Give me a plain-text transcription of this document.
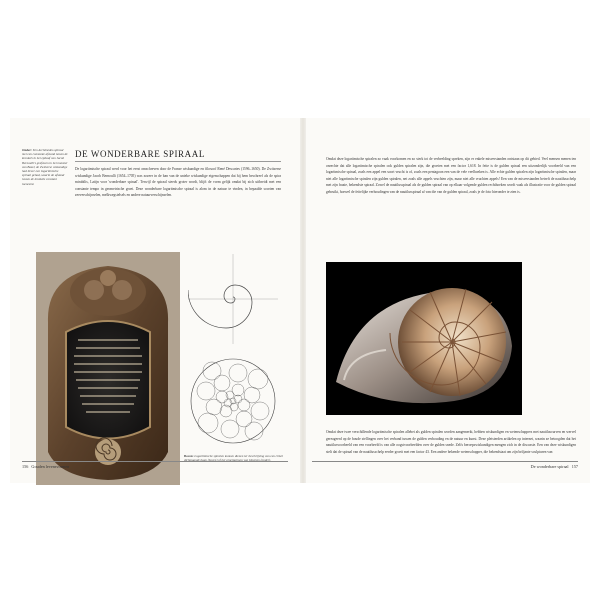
Onder: Een Archimedes-spiraal met een constante afstand tussen de kronkels in het epitaaf van Jacob Bernoulli's grafsteen in het munster van Bazel, de Zwitserse wiskundige had liever een logaritmische spiraal gehad, waarin de afstand tussen de kronkels constant toeneemt.
DE WONDERBARE SPIRAAL
De logaritmische spiraal werd voor het eerst omschreven door de Franse wiskundige en filosoof René Descartes (1596–1650). De Zwitserse wiskundige Jacob Bernoulli (1654–1705) was zozeer in de ban van de unieke wiskundige eigenschappen dat hij hem beschreef als de spira mirabilis, Latijn voor 'wonderbare spiraal'. Terwijl de spiraal steeds groter wordt, blijft de vorm gelijk omdat bij zich uitbreidt met een constante tempo in geometrische groei. Deze wonderbare logaritmische spiraal is alom in de natuur te vinden, in bepaalde soorten van zeeverschijnselen, melkwegstelsels en andere natuurverschijnselen.
Boven: Logaritmische spiralen kunnen dienen ter beschrijving van een cirkel dichtgaande baan (boven) of het groeipatroon van bloemen (onder).
156 Gouden levensvormen
Omdat deze logaritmische spiralen zo vaak voorkomen en zo sterk tot de verbeelding spreken, zijn er enkele misverstanden ontstaan op dit gebied. Veel mensen menen ten onrechte dat alle logaritmische spiralen ook gulden spiralen zijn, die groeien met een factor 1,618. In feite is de gulden spiraal een uitzonderlijk voorbeeld van een logaritmische spiraal, zoals een appel een soort vrucht is of, zoals een pentagoon een van de vele veelhoeken is. Alle echte gulden spiralen zijn logaritmische spiralen, maar niet alle logaritmische spiralen zijn gulden spiralen, net zoals alle appels vruchten zijn, maar niet alle vruchten appels! Een van de misverstanden betreft de nautilusschelp met zijn fraaie, bekendste spiraal. Zowel de nautilusspiraal als de gulden spiraal van op elkaar volgende gulden rechthoeken wordt vaak als illustratie voor de gulden spiraal gebruikt, hoewel de feitelijke verhoudingen van de nautilusspiraal af van die van de gulden spiraal, zoals je de foto hieronder te zien is.
Omdat deze twee verschillende logaritmische spiralen allebei als gulden spiralen worden aangemerkt, hebben wiskundigen en wetenschappers met nautiluscurven en wervel gereageerd op de boude stellingen over het verband tussen de gulden verhouding en de natuur en kunst. Deze pleisterden artikelen op internet, waarin ze betoogden dat het nautilusvoorbeeld van een voorbeeld is van alle oogstvoorbeelden over de gulden snede. Zelfs beroepswiskundigen mengen zich in de discussie. Een van deze wiskundigen stelt dat de spiraal van de nautilusschelp eerder groeit met een factor 43. Een andere bekende wetenschapper, die bekendstaat om zijn briljante sculpturen van
De wonderbare spiraal 157
